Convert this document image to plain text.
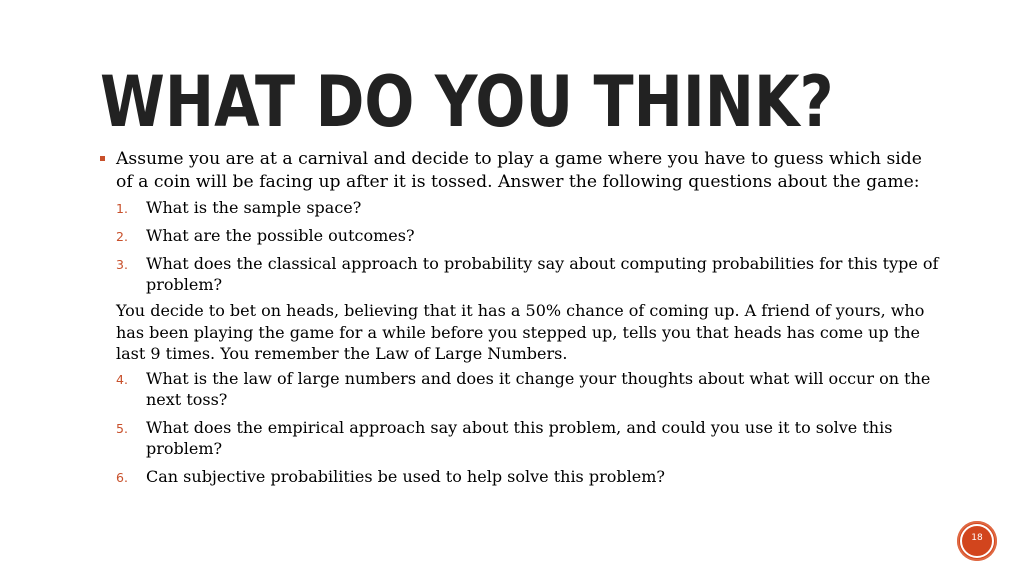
WHAT DO YOU THINK?
Assume you are at a carnival and decide to play a game where you have to guess which side of a coin will be facing up after it is tossed. Answer the following questions about the game:
1. What is the sample space?
2. What are the possible outcomes?
3. What does the classical approach to probability say about computing probabilities for this type of problem?
You decide to bet on heads, believing that it has a 50% chance of coming up. A friend of yours, who has been playing the game for a while before you stepped up, tells you that heads has come up the last 9 times. You remember the Law of Large Numbers.
4. What is the law of large numbers and does it change your thoughts about what will occur on the next toss?
5. What does the empirical approach say about this problem, and could you use it to solve this problem?
6. Can subjective probabilities be used to help solve this problem?
18
